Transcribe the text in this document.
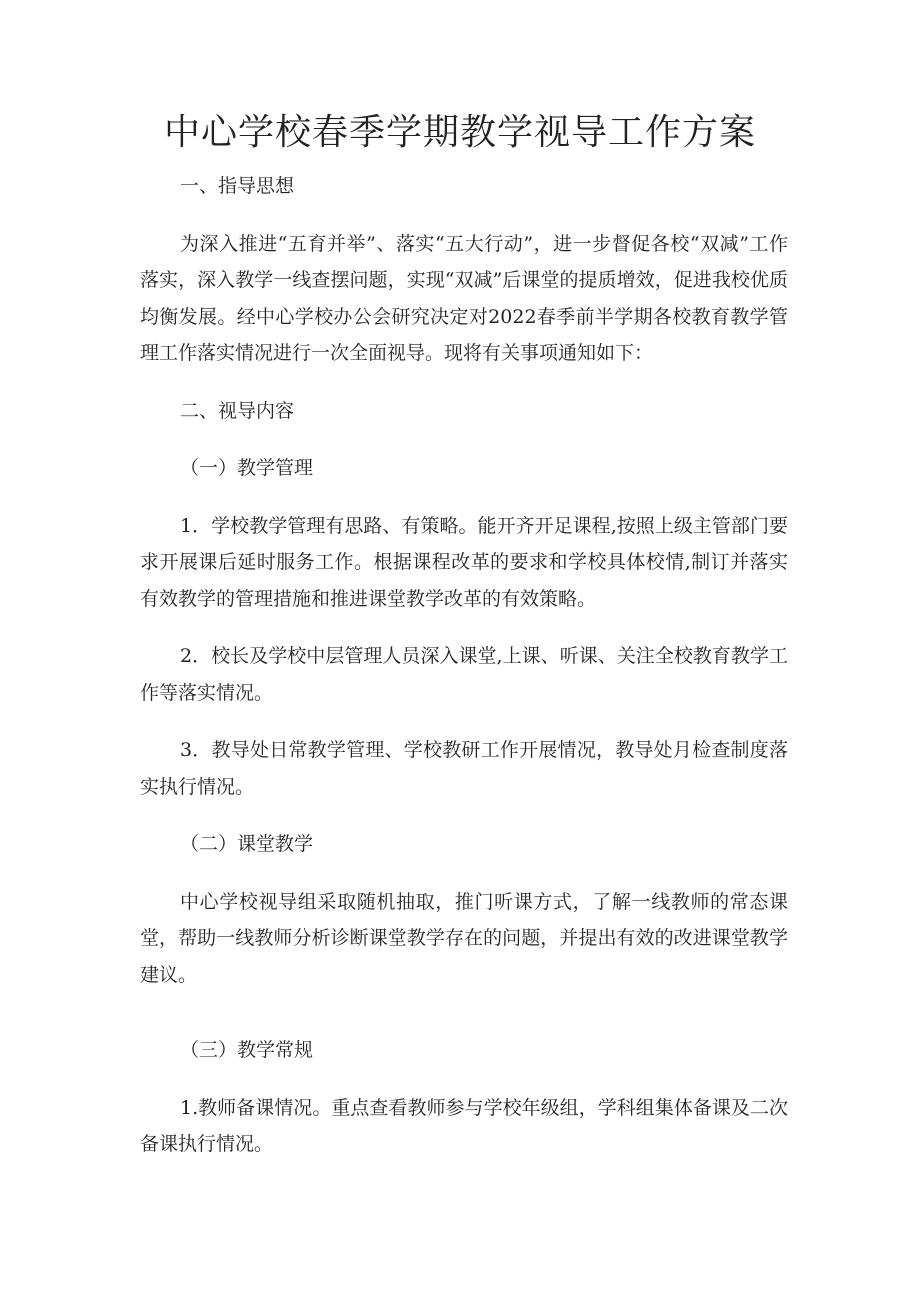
中心学校春季学期教学视导工作方案

一、指导思想

为深入推进“五育并举”、落实“五大行动”，进一步督促各校“双减”工作落实，深入教学一线查摆问题，实现“双减”后课堂的提质增效，促进我校优质均衡发展。经中心学校办公会研究决定对2022春季前半学期各校教育教学管理工作落实情况进行一次全面视导。现将有关事项通知如下：

二、视导内容

（一）教学管理

1．学校教学管理有思路、有策略。能开齐开足课程,按照上级主管部门要求开展课后延时服务工作。根据课程改革的要求和学校具体校情,制订并落实有效教学的管理措施和推进课堂教学改革的有效策略。

2．校长及学校中层管理人员深入课堂,上课、听课、关注全校教育教学工作等落实情况。

3．教导处日常教学管理、学校教研工作开展情况，教导处月检查制度落实执行情况。

（二）课堂教学

中心学校视导组采取随机抽取，推门听课方式，了解一线教师的常态课堂，帮助一线教师分析诊断课堂教学存在的问题，并提出有效的改进课堂教学建议。

（三）教学常规

1.教师备课情况。重点查看教师参与学校年级组，学科组集体备课及二次备课执行情况。
